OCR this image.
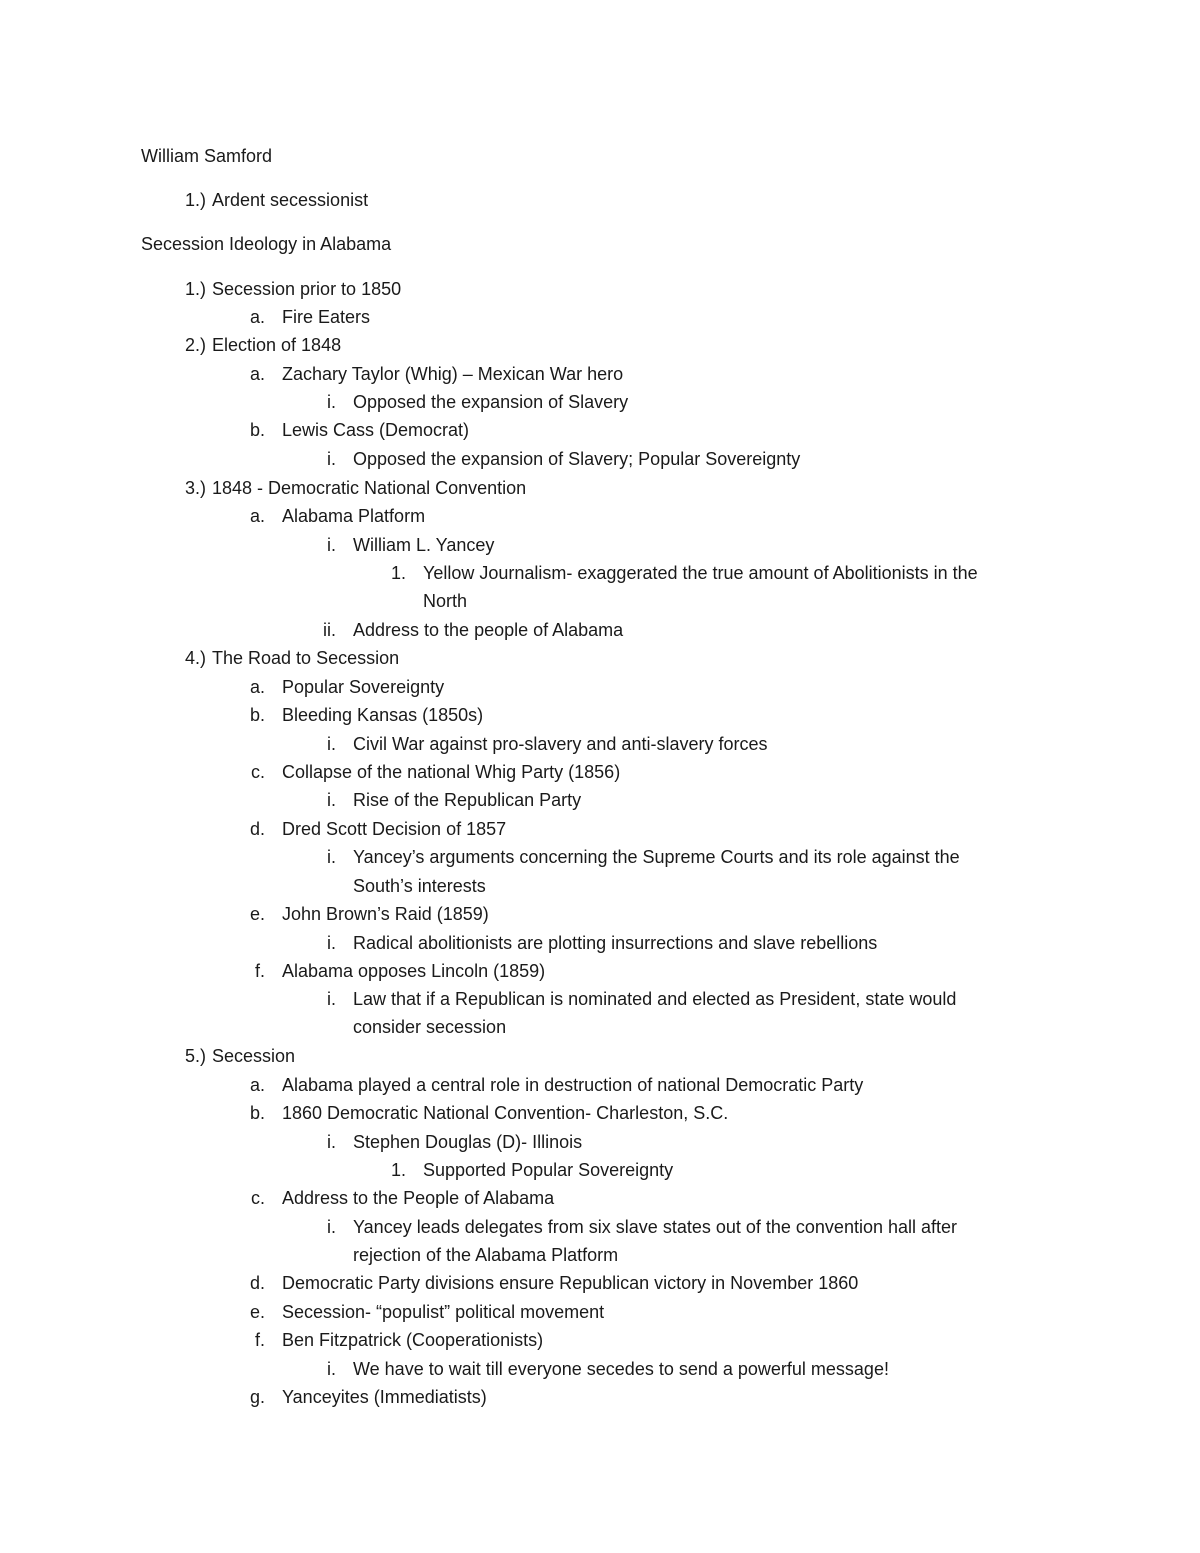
William Samford
1.) Ardent secessionist
Secession Ideology in Alabama
1.) Secession prior to 1850
a. Fire Eaters
2.) Election of 1848
a. Zachary Taylor (Whig) – Mexican War hero
i. Opposed the expansion of Slavery
b. Lewis Cass (Democrat)
i. Opposed the expansion of Slavery; Popular Sovereignty
3.) 1848 - Democratic National Convention
a. Alabama Platform
i. William L. Yancey
1. Yellow Journalism- exaggerated the true amount of Abolitionists in the
North
ii. Address to the people of Alabama
4.) The Road to Secession
a. Popular Sovereignty
b. Bleeding Kansas (1850s)
i. Civil War against pro-slavery and anti-slavery forces
c. Collapse of the national Whig Party (1856)
i. Rise of the Republican Party
d. Dred Scott Decision of 1857
i. Yancey’s arguments concerning the Supreme Courts and its role against the
South’s interests
e. John Brown’s Raid (1859)
i. Radical abolitionists are plotting insurrections and slave rebellions
f. Alabama opposes Lincoln (1859)
i. Law that if a Republican is nominated and elected as President, state would
consider secession
5.) Secession
a. Alabama played a central role in destruction of national Democratic Party
b. 1860 Democratic National Convention- Charleston, S.C.
i. Stephen Douglas (D)- Illinois
1. Supported Popular Sovereignty
c. Address to the People of Alabama
i. Yancey leads delegates from six slave states out of the convention hall after
rejection of the Alabama Platform
d. Democratic Party divisions ensure Republican victory in November 1860
e. Secession- “populist” political movement
f. Ben Fitzpatrick (Cooperationists)
i. We have to wait till everyone secedes to send a powerful message!
g. Yanceyites (Immediatists)
